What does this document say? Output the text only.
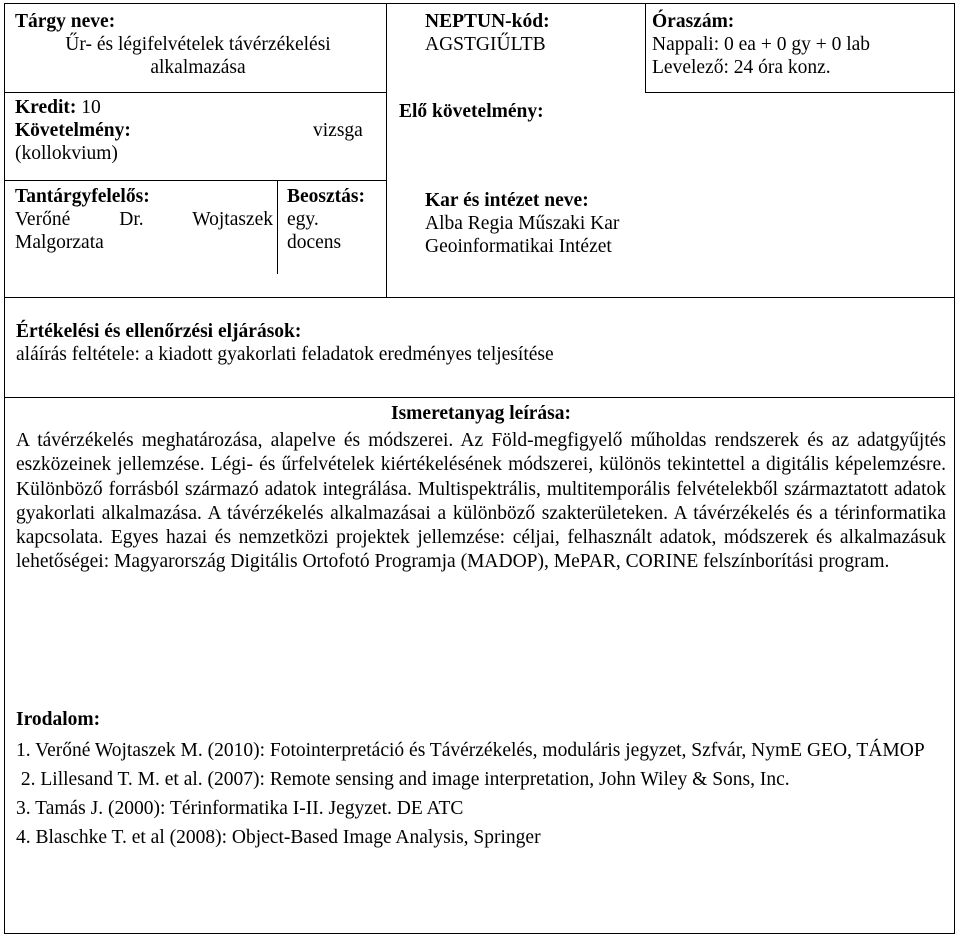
Tárgy neve:
Űr- és légifelvételek távérzékelési
alkalmazása
NEPTUN-kód:
AGSTGIŰLTB
Óraszám:
Nappali: 0 ea + 0 gy + 0 lab
Levelező: 24 óra konz.
Kredit: 10
Követelmény:	vizsga
(kollokvium)
Elő követelmény:
Tantárgyfelelős:
Verőné Dr. Wojtaszek
Malgorzata
Beosztás:
egy.
docens
Kar és intézet neve:
Alba Regia Műszaki Kar
Geoinformatikai Intézet
Értékelési és ellenőrzési eljárások:
aláírás feltétele: a kiadott gyakorlati feladatok eredményes teljesítése
Ismeretanyag leírása:
A távérzékelés meghatározása, alapelve és módszerei. Az Föld-megfigyelő műholdas rendszerek és az adatgyűjtés eszközeinek jellemzése. Légi- és űrfelvételek kiértékelésének módszerei, különös tekintettel a digitális képelemzésre. Különböző forrásból származó adatok integrálása. Multispektrális, multitemporális felvételekből származtatott adatok gyakorlati alkalmazása. A távérzékelés alkalmazásai a különböző szakterületeken. A távérzékelés és a térinformatika kapcsolata. Egyes hazai és nemzetközi projektek jellemzése: céljai, felhasznált adatok, módszerek és alkalmazásuk lehetőségei: Magyarország Digitális Ortofotó Programja (MADOP), MePAR, CORINE felszínborítási program.
Irodalom:
1. Verőné Wojtaszek M. (2010): Fotointerpretáció és Távérzékelés, moduláris jegyzet, Szfvár, NymE GEO, TÁMOP
2. Lillesand T. M. et al. (2007): Remote sensing and image interpretation, John Wiley & Sons, Inc.
3. Tamás J. (2000): Térinformatika I-II. Jegyzet. DE ATC
4. Blaschke T. et al (2008): Object-Based Image Analysis, Springer
